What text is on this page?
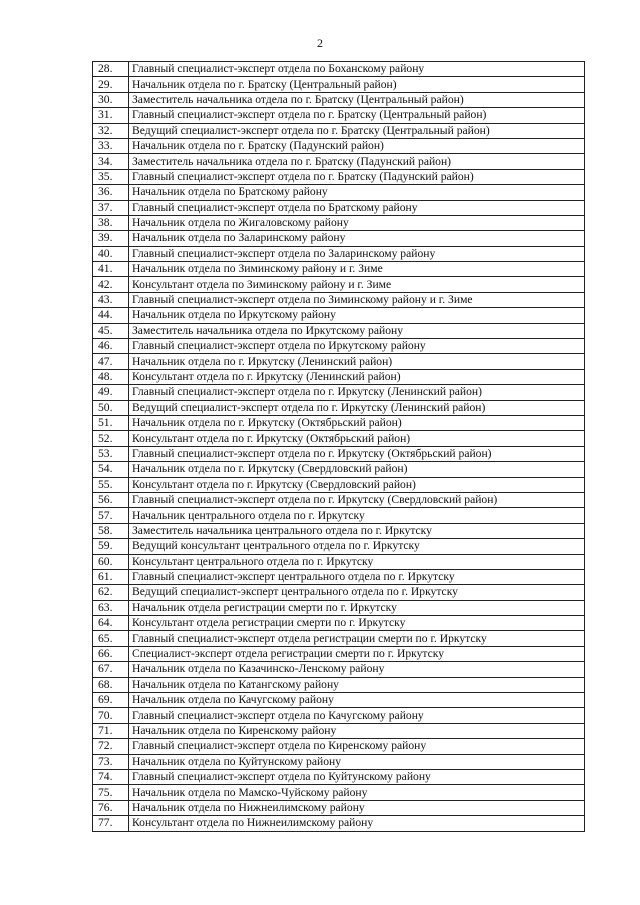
2
28.	Главный специалист-эксперт отдела по Боханскому району
29.	Начальник отдела по г. Братску (Центральный район)
30.	Заместитель начальника отдела по г. Братску (Центральный район)
31.	Главный специалист-эксперт отдела по г. Братску (Центральный район)
32.	Ведущий специалист-эксперт отдела по г. Братску (Центральный район)
33.	Начальник отдела по г. Братску (Падунский район)
34.	Заместитель начальника отдела по г. Братску (Падунский район)
35.	Главный специалист-эксперт отдела по г. Братску (Падунский район)
36.	Начальник отдела по Братскому району
37.	Главный специалист-эксперт отдела по Братскому району
38.	Начальник отдела по Жигаловскому району
39.	Начальник отдела по Заларинскому району
40.	Главный специалист-эксперт отдела по Заларинскому району
41.	Начальник отдела по Зиминскому району и г. Зиме
42.	Консультант отдела по Зиминскому району и г. Зиме
43.	Главный специалист-эксперт отдела по Зиминскому району и г. Зиме
44.	Начальник отдела по Иркутскому району
45.	Заместитель начальника отдела по Иркутскому району
46.	Главный специалист-эксперт отдела по Иркутскому району
47.	Начальник отдела по г. Иркутску (Ленинский район)
48.	Консультант отдела по г. Иркутску (Ленинский район)
49.	Главный специалист-эксперт отдела по г. Иркутску (Ленинский район)
50.	Ведущий специалист-эксперт отдела по г. Иркутску (Ленинский район)
51.	Начальник отдела по г. Иркутску (Октябрьский район)
52.	Консультант отдела по г. Иркутску (Октябрьский район)
53.	Главный специалист-эксперт отдела по г. Иркутску (Октябрьский район)
54.	Начальник отдела по г. Иркутску (Свердловский район)
55.	Консультант отдела по г. Иркутску (Свердловский район)
56.	Главный специалист-эксперт отдела по г. Иркутску (Свердловский район)
57.	Начальник центрального отдела по г. Иркутску
58.	Заместитель начальника центрального отдела по г. Иркутску
59.	Ведущий консультант центрального отдела по г. Иркутску
60.	Консультант центрального отдела по г. Иркутску
61.	Главный специалист-эксперт центрального отдела по г. Иркутску
62.	Ведущий специалист-эксперт центрального отдела по г. Иркутску
63.	Начальник отдела регистрации смерти по г. Иркутску
64.	Консультант отдела регистрации смерти по г. Иркутску
65.	Главный специалист-эксперт отдела регистрации смерти по г. Иркутску
66.	Специалист-эксперт отдела регистрации смерти по г. Иркутску
67.	Начальник отдела по Казачинско-Ленскому району
68.	Начальник отдела по Катангскому району
69.	Начальник отдела по Качугскому району
70.	Главный специалист-эксперт отдела по Качугскому району
71.	Начальник отдела по Киренскому району
72.	Главный специалист-эксперт отдела по Киренскому району
73.	Начальник отдела по Куйтунскому району
74.	Главный специалист-эксперт отдела по Куйтунскому району
75.	Начальник отдела по Мамско-Чуйскому району
76.	Начальник отдела по Нижнеилимскому району
77.	Консультант отдела по Нижнеилимскому району
